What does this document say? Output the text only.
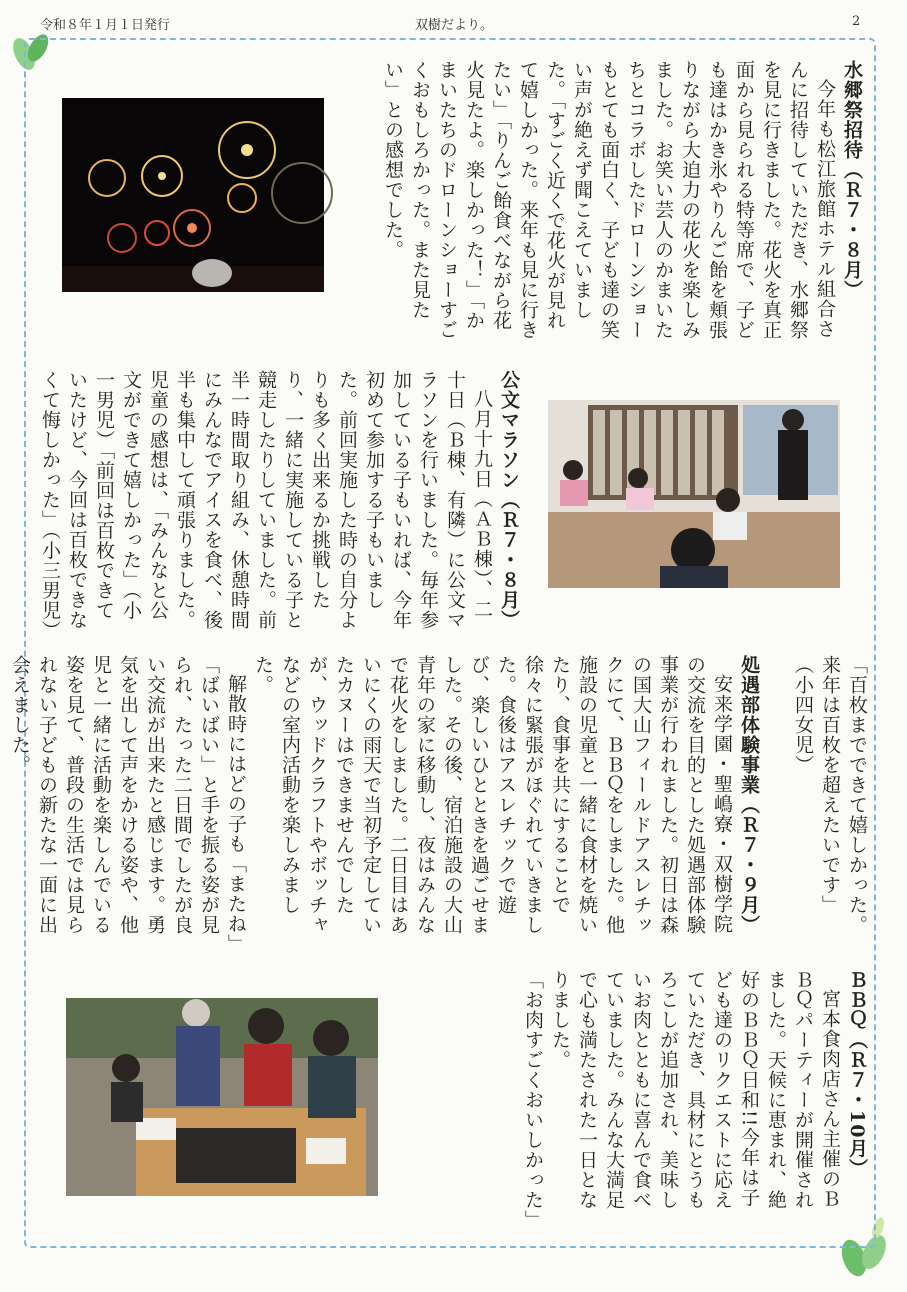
令和８年１月１日発行	双樹だより。	2

水郷祭招待（Ｒ７・８月）

今年も松江旅館ホテル組合さんに招待していただき、水郷祭を見に行きました。花火を真正面から見られる特等席で、子ども達はかき氷やりんご飴を頬張りながら大迫力の花火を楽しみました。お笑い芸人のかまいたちとコラボしたドローンショーもとても面白く、子ども達の笑い声が絶えず聞こえていました。「すごく近くで花火が見れて嬉しかった。来年も見に行きたい」「りんご飴食べながら花火見たよ。楽しかった！」「かまいたちのドローンショーすごくおもしろかった。また見たい」との感想でした。

公文マラソン（Ｒ７・８月）

八月十九日（ＡＢ棟）、二十日（Ｂ棟、有隣）に公文マラソンを行いました。毎年参加している子もいれば、今年初めて参加する子もいました。前回実施した時の自分よりも多く出来るか挑戦したり、一緒に実施している子と競走したりしていました。前半一時間取り組み、休憩時間にみんなでアイスを食べ、後半も集中して頑張りました。児童の感想は、「みんなと公文ができて嬉しかった」（小一男児）「前回は百枚できていたけど、今回は百枚できなくて悔しかった」（小三男児）

「百枚までできて嬉しかった。来年は百枚を超えたいです」（小四女児）

処遇部体験事業（Ｒ７・９月）

安来学園・聖嶋寮・双樹学院の交流を目的とした処遇部体験事業が行われました。初日は森の国大山フィールドアスレチックにて、ＢＢＱをしました。他施設の児童と一緒に食材を焼いたり、食事を共にすることで徐々に緊張がほぐれていきました。食後はアスレチックで遊び、楽しいひとときを過ごせました。その後、宿泊施設の大山青年の家に移動し、夜はみんなで花火をしました。二日目はあいにくの雨天で当初予定していたカヌーはできませんでしたが、ウッドクラフトやボッチャなどの室内活動を楽しみました。

解散時にはどの子も「またね」「ばいばい」と手を振る姿が見られ、たった二日間でしたが良い交流が出来たと感じます。勇気を出して声をかける姿や、他児と一緒に活動を楽しんでいる姿を見て、普段の生活では見られない子どもの新たな一面に出会えました。

ＢＢＱ（Ｒ７・10月）

宮本食肉店さん主催のＢＢＱパーティーが開催されました。天候に恵まれ、絶好のＢＢＱ日和!!今年は子ども達のリクエストに応えていただき、具材にとうもろこしが追加され、美味しいお肉とともに喜んで食べていました。みんな大満足で心も満たされた一日となりました。

「お肉すごくおいしかった」
